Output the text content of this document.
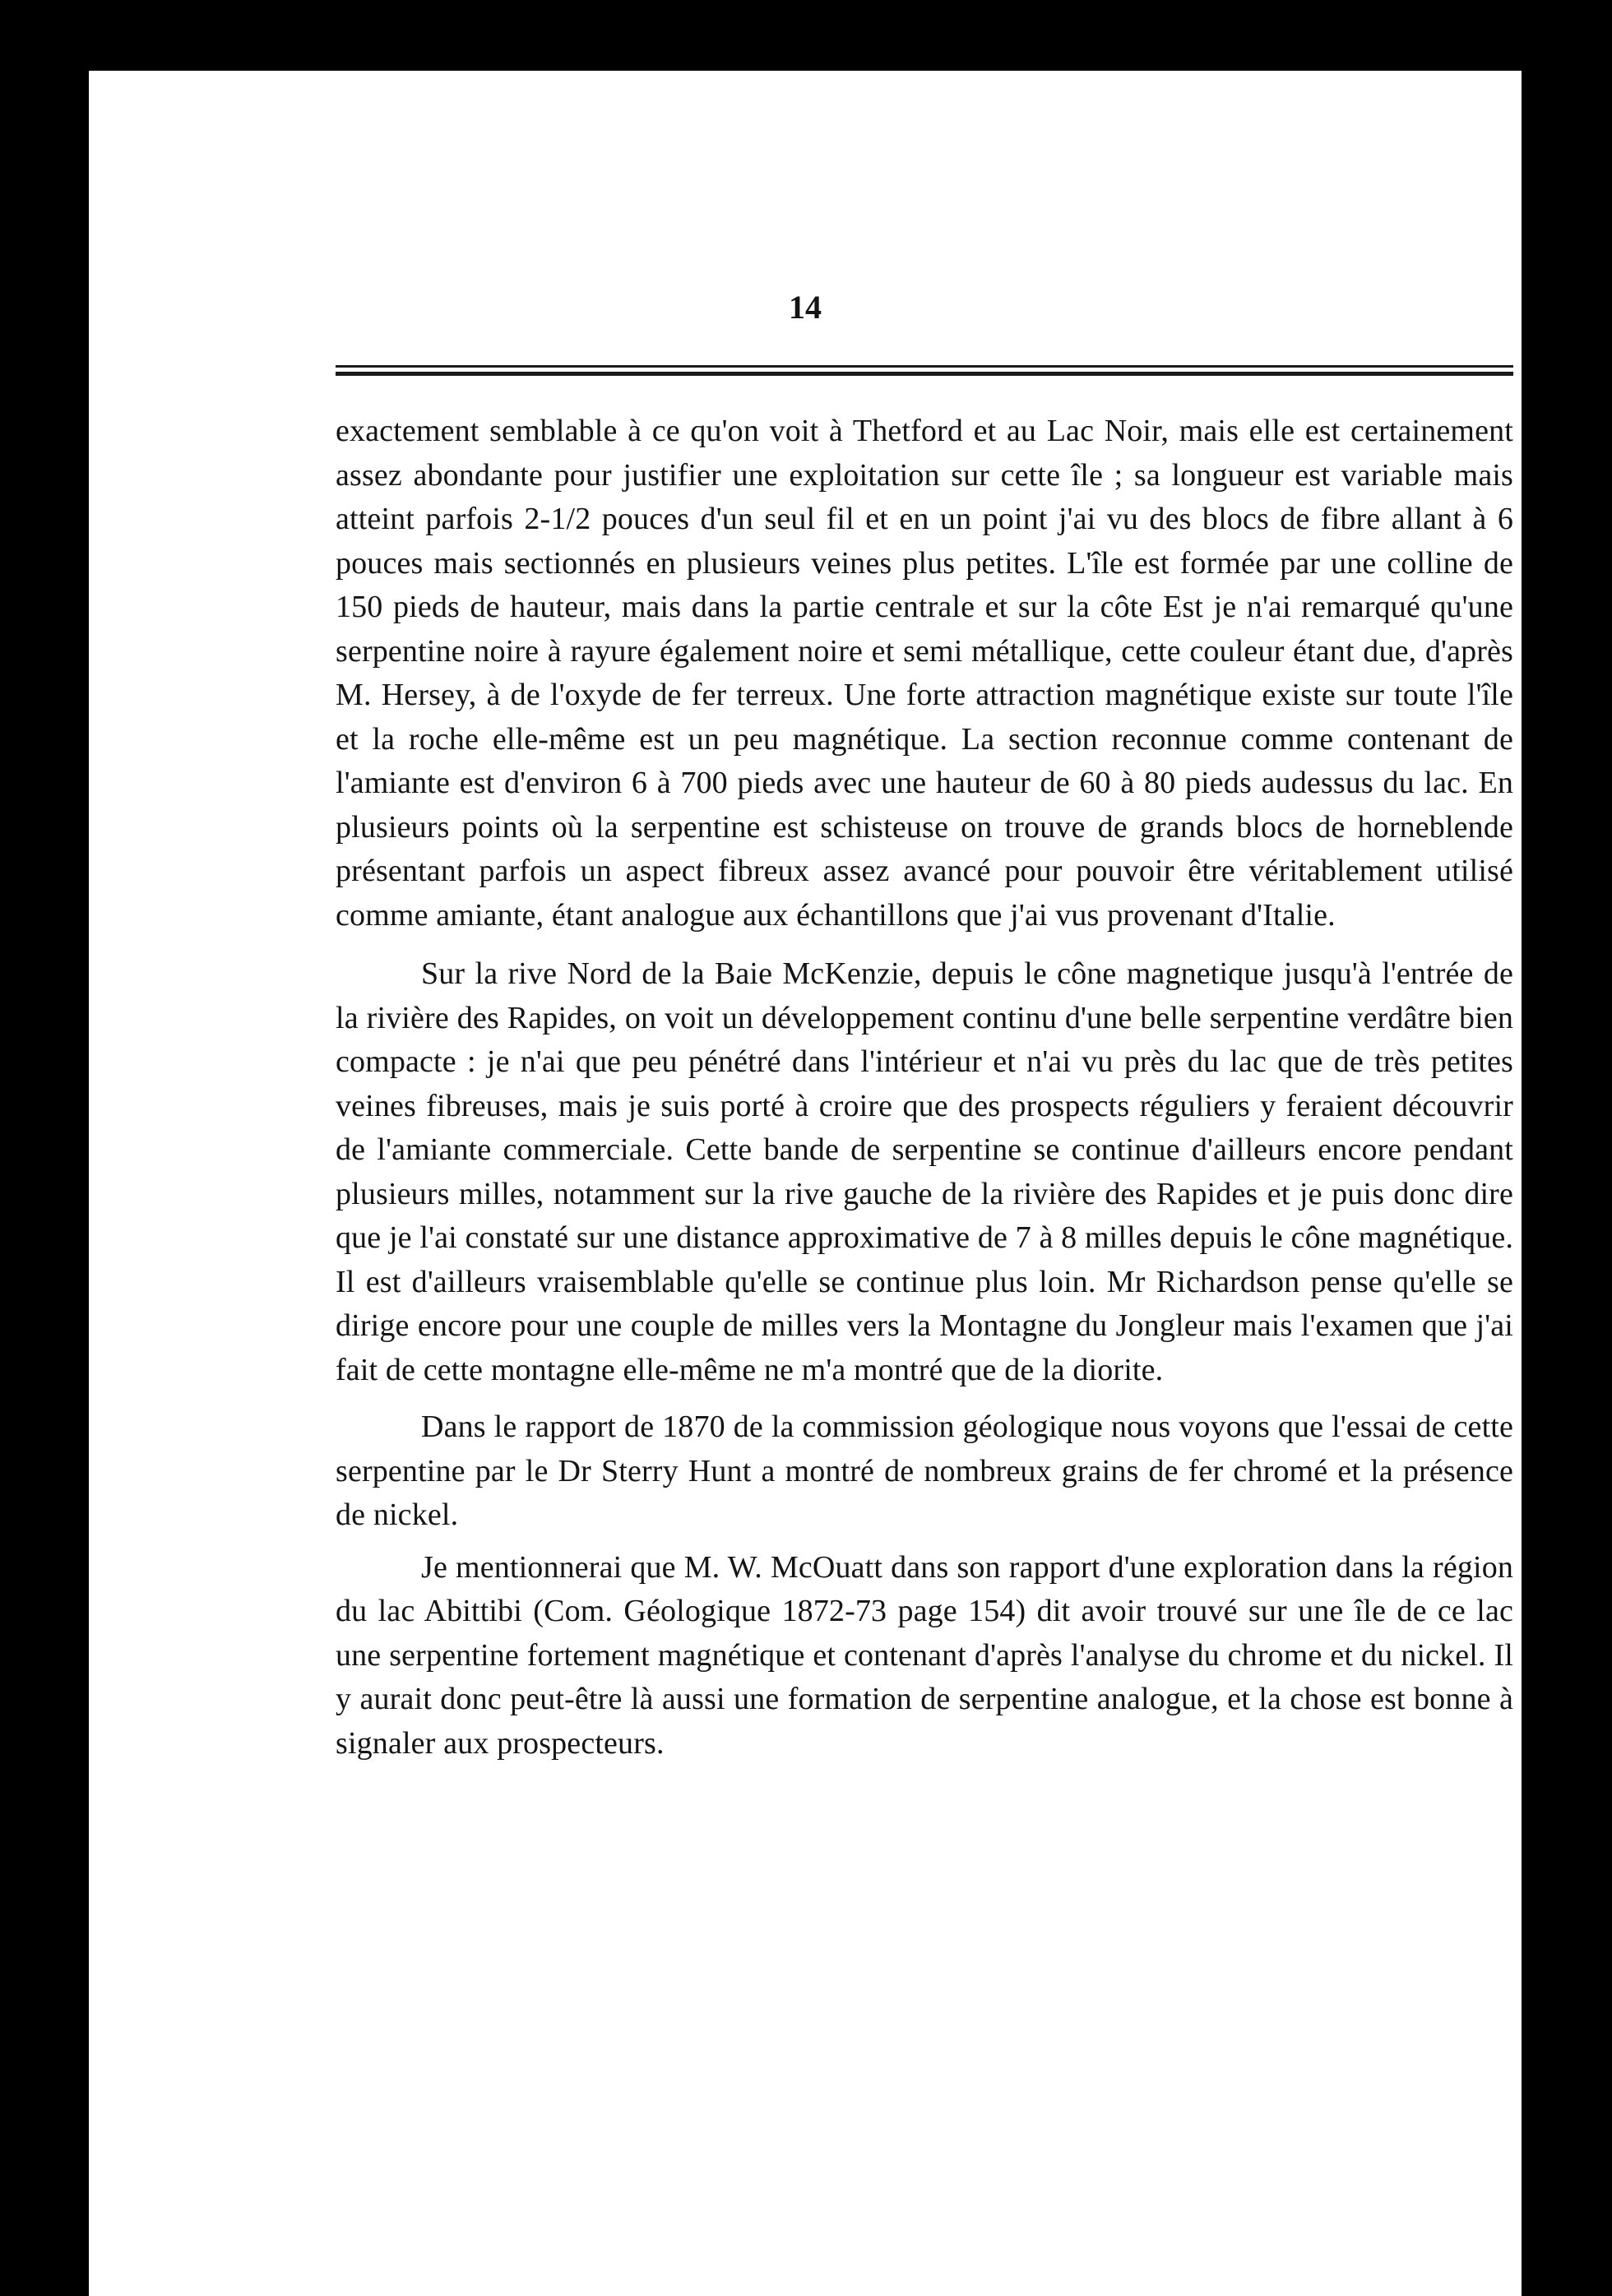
14

exactement semblable à ce qu'on voit à Thetford et au Lac Noir, mais elle est certainement assez abondante pour justifier une exploitation sur cette île ; sa longueur est variable mais atteint parfois 2-1/2 pouces d'un seul fil et en un point j'ai vu des blocs de fibre allant à 6 pouces mais sectionnés en plusieurs veines plus petites. L'île est formée par une colline de 150 pieds de hauteur, mais dans la partie centrale et sur la côte Est je n'ai remarqué qu'une serpentine noire à rayure également noire et semi métallique, cette couleur étant due, d'après M. Hersey, à de l'oxyde de fer terreux. Une forte attraction magnétique existe sur toute l'île et la roche elle-même est un peu magnétique. La section reconnue comme contenant de l'amiante est d'environ 6 à 700 pieds avec une hauteur de 60 à 80 pieds audessus du lac. En plusieurs points où la serpentine est schisteuse on trouve de grands blocs de horneblende présentant parfois un aspect fibreux assez avancé pour pouvoir être véritablement utilisé comme amiante, étant analogue aux échantillons que j'ai vus provenant d'Italie.

Sur la rive Nord de la Baie McKenzie, depuis le cône magnetique jusqu'à l'entrée de la rivière des Rapides, on voit un développement continu d'une belle serpentine verdâtre bien compacte : je n'ai que peu pénétré dans l'intérieur et n'ai vu près du lac que de très petites veines fibreuses, mais je suis porté à croire que des prospects réguliers y feraient découvrir de l'amiante commerciale. Cette bande de serpentine se continue d'ailleurs encore pendant plusieurs milles, notamment sur la rive gauche de la rivière des Rapides et je puis donc dire que je l'ai constaté sur une distance approximative de 7 à 8 milles depuis le cône magnétique. Il est d'ailleurs vraisemblable qu'elle se continue plus loin. Mr Richardson pense qu'elle se dirige encore pour une couple de milles vers la Montagne du Jongleur mais l'examen que j'ai fait de cette montagne elle-même ne m'a montré que de la diorite.

Dans le rapport de 1870 de la commission géologique nous voyons que l'essai de cette serpentine par le Dr Sterry Hunt a montré de nombreux grains de fer chromé et la présence de nickel.

Je mentionnerai que M. W. McOuatt dans son rapport d'une exploration dans la région du lac Abittibi (Com. Géologique 1872-73 page 154) dit avoir trouvé sur une île de ce lac une serpentine fortement magnétique et contenant d'après l'analyse du chrome et du nickel. Il y aurait donc peut-être là aussi une formation de serpentine analogue, et la chose est bonne à signaler aux prospecteurs.
